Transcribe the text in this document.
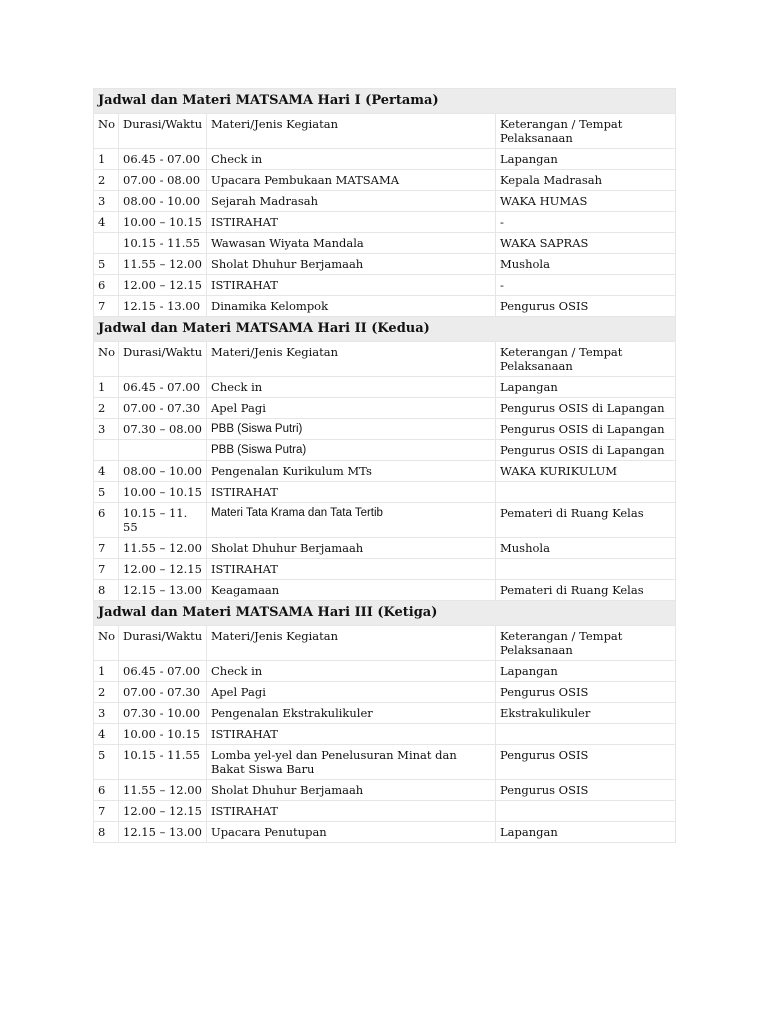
Jadwal dan Materi MATSAMA Hari I (Pertama)			
No	Durasi/Waktu	Materi/Jenis Kegiatan	Keterangan / Tempat Pelaksanaan
1	06.45 - 07.00	Check in	Lapangan
2	07.00 - 08.00	Upacara Pembukaan MATSAMA	Kepala Madrasah
3	08.00 - 10.00	Sejarah Madrasah	WAKA HUMAS
4	10.00 – 10.15	ISTIRAHAT	-
	10.15 - 11.55	Wawasan Wiyata Mandala	WAKA SAPRAS
5	11.55 – 12.00	Sholat Dhuhur Berjamaah	Mushola
6	12.00 – 12.15	ISTIRAHAT	-
7	12.15 - 13.00	Dinamika Kelompok	Pengurus OSIS
Jadwal dan Materi MATSAMA Hari II (Kedua)			
No	Durasi/Waktu	Materi/Jenis Kegiatan	Keterangan / Tempat Pelaksanaan
1	06.45 - 07.00	Check in	Lapangan
2	07.00 - 07.30	Apel Pagi	Pengurus OSIS di Lapangan
3	07.30 – 08.00	PBB (Siswa Putri)	Pengurus OSIS di Lapangan
		PBB (Siswa Putra)	Pengurus OSIS di Lapangan
4	08.00 – 10.00	Pengenalan Kurikulum MTs	WAKA KURIKULUM
5	10.00 – 10.15	ISTIRAHAT	
6	10.15 – 11. 55	Materi Tata Krama dan Tata Tertib	Pemateri di Ruang Kelas
7	11.55 – 12.00	Sholat Dhuhur Berjamaah	Mushola
7	12.00 – 12.15	ISTIRAHAT	
8	12.15 – 13.00	Keagamaan	Pemateri di Ruang Kelas
Jadwal dan Materi MATSAMA Hari III (Ketiga)			
No	Durasi/Waktu	Materi/Jenis Kegiatan	Keterangan / Tempat Pelaksanaan
1	06.45 - 07.00	Check in	Lapangan
2	07.00 - 07.30	Apel Pagi	Pengurus OSIS
3	07.30 - 10.00	Pengenalan Ekstrakulikuler	Ekstrakulikuler
4	10.00 - 10.15	ISTIRAHAT	
5	10.15 - 11.55	Lomba yel-yel dan Penelusuran Minat dan Bakat Siswa Baru	Pengurus OSIS
6	11.55 – 12.00	Sholat Dhuhur Berjamaah	Pengurus OSIS
7	12.00 – 12.15	ISTIRAHAT	
8	12.15 – 13.00	Upacara Penutupan	Lapangan
